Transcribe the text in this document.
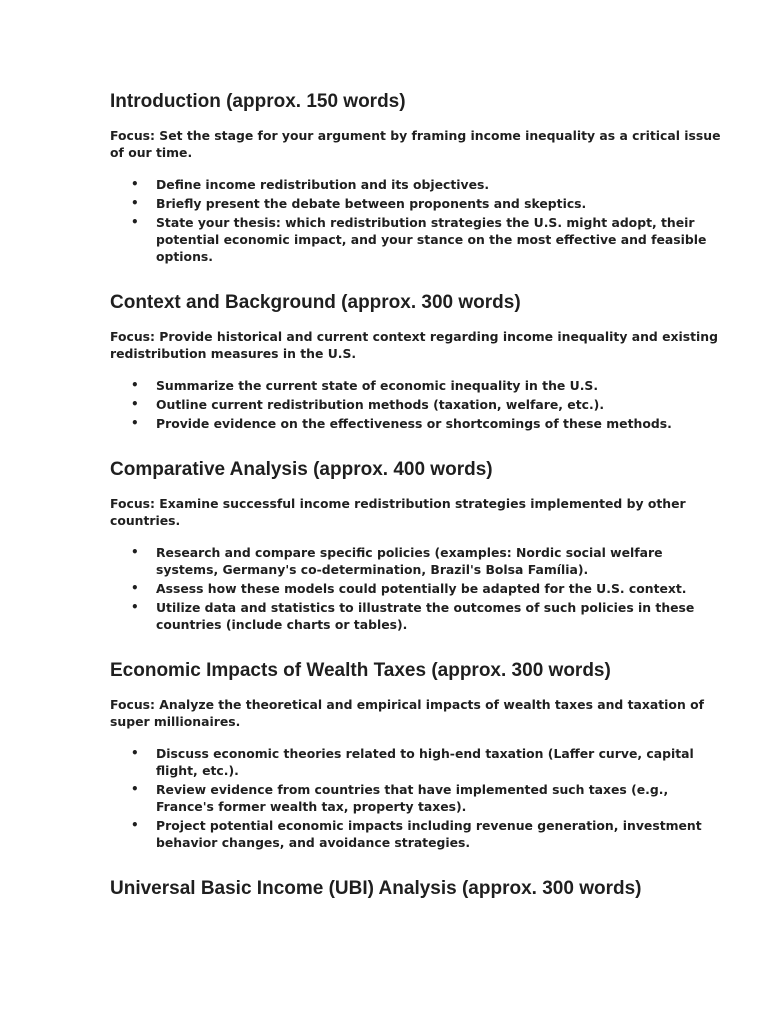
Introduction (approx. 150 words)

Focus: Set the stage for your argument by framing income inequality as a critical issue of our time.

• Define income redistribution and its objectives.
• Briefly present the debate between proponents and skeptics.
• State your thesis: which redistribution strategies the U.S. might adopt, their potential economic impact, and your stance on the most effective and feasible options.
Context and Background (approx. 300 words)

Focus: Provide historical and current context regarding income inequality and existing redistribution measures in the U.S.

• Summarize the current state of economic inequality in the U.S.
• Outline current redistribution methods (taxation, welfare, etc.).
• Provide evidence on the effectiveness or shortcomings of these methods.
Comparative Analysis (approx. 400 words)

Focus: Examine successful income redistribution strategies implemented by other countries.

• Research and compare specific policies (examples: Nordic social welfare systems, Germany's co-determination, Brazil's Bolsa Família).
• Assess how these models could potentially be adapted for the U.S. context.
• Utilize data and statistics to illustrate the outcomes of such policies in these countries (include charts or tables).
Economic Impacts of Wealth Taxes (approx. 300 words)

Focus: Analyze the theoretical and empirical impacts of wealth taxes and taxation of super millionaires.

• Discuss economic theories related to high-end taxation (Laffer curve, capital flight, etc.).
• Review evidence from countries that have implemented such taxes (e.g., France's former wealth tax, property taxes).
• Project potential economic impacts including revenue generation, investment behavior changes, and avoidance strategies.
Universal Basic Income (UBI) Analysis (approx. 300 words)
